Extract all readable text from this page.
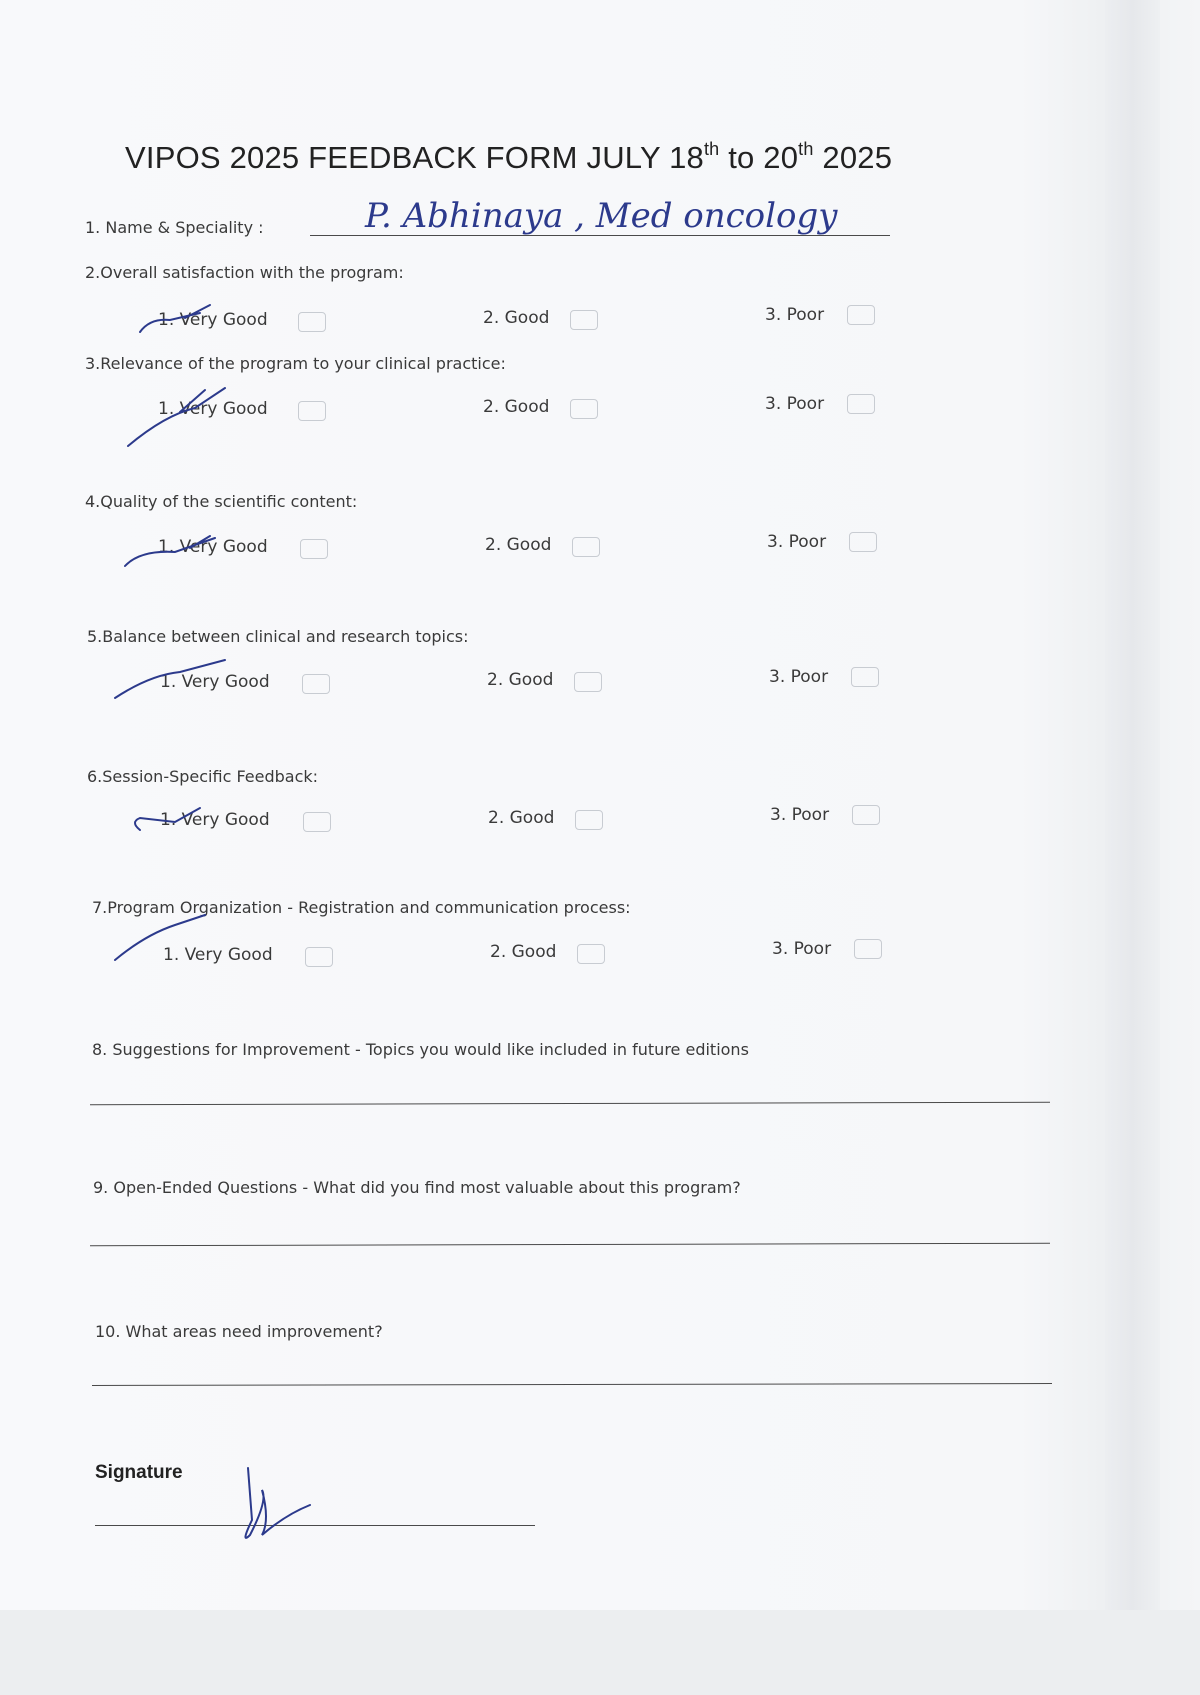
VIPOS 2025 FEEDBACK FORM JULY 18th to 20th 2025
1. Name & Speciality :	P. Abhinaya , Med oncology
2.Overall satisfaction with the program:
1. Very Good	2. Good	3. Poor
3.Relevance of the program to your clinical practice:
1. Very Good	2. Good	3. Poor
4.Quality of the scientific content:
1. Very Good	2. Good	3. Poor
5.Balance between clinical and research topics:
1. Very Good	2. Good	3. Poor
6.Session-Specific Feedback:
1. Very Good	2. Good	3. Poor
7.Program Organization - Registration and communication process:
1. Very Good	2. Good	3. Poor
8. Suggestions for Improvement - Topics you would like included in future editions
9. Open-Ended Questions - What did you find most valuable about this program?
10. What areas need improvement?
Signature
